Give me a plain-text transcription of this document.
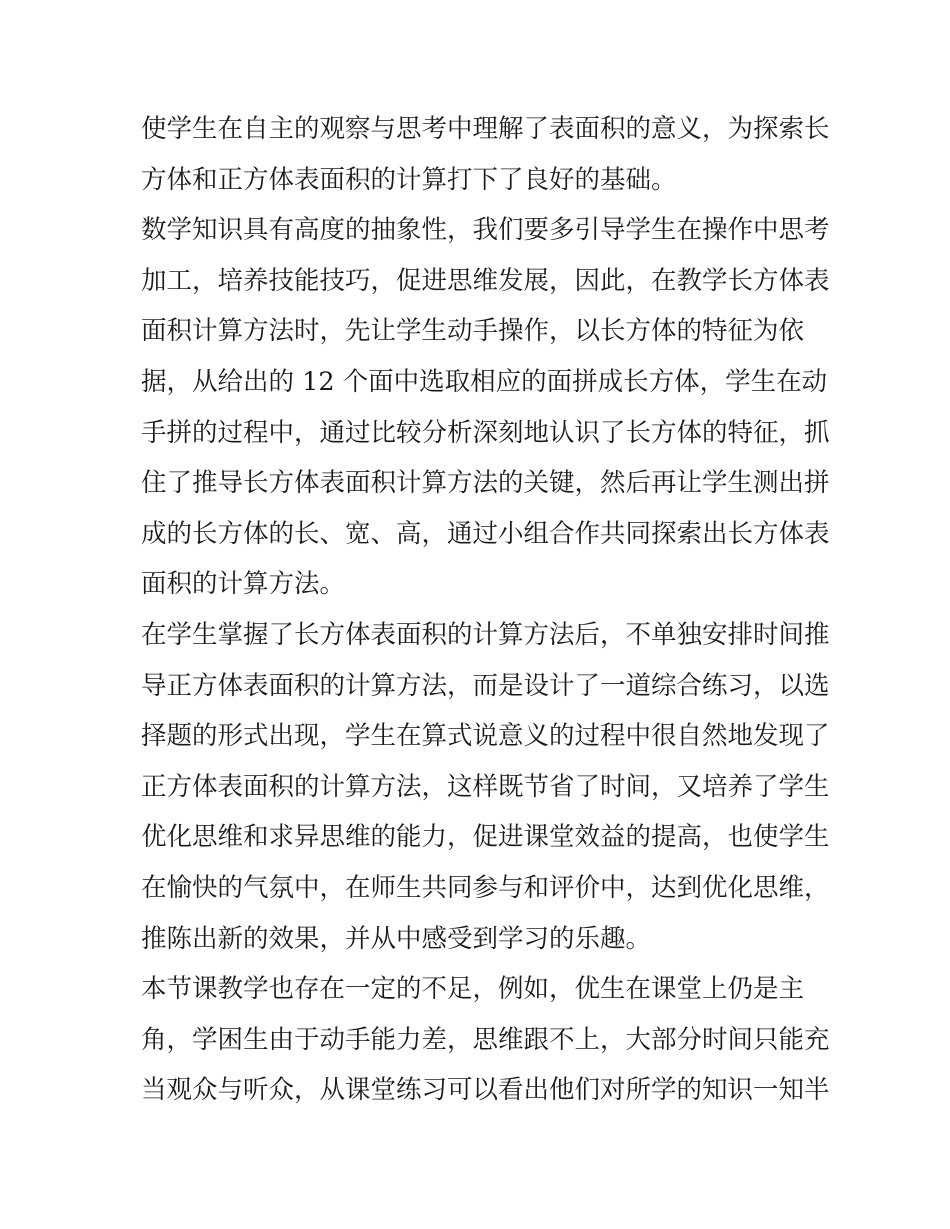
使学生在自主的观察与思考中理解了表面积的意义，为探索长
方体和正方体表面积的计算打下了良好的基础。
数学知识具有高度的抽象性，我们要多引导学生在操作中思考
加工，培养技能技巧，促进思维发展，因此，在教学长方体表
面积计算方法时，先让学生动手操作，以长方体的特征为依
据，从给出的 12 个面中选取相应的面拼成长方体，学生在动
手拼的过程中，通过比较分析深刻地认识了长方体的特征，抓
住了推导长方体表面积计算方法的关键，然后再让学生测出拼
成的长方体的长、宽、高，通过小组合作共同探索出长方体表
面积的计算方法。
在学生掌握了长方体表面积的计算方法后，不单独安排时间推
导正方体表面积的计算方法，而是设计了一道综合练习，以选
择题的形式出现，学生在算式说意义的过程中很自然地发现了
正方体表面积的计算方法，这样既节省了时间，又培养了学生
优化思维和求异思维的能力，促进课堂效益的提高，也使学生
在愉快的气氛中，在师生共同参与和评价中，达到优化思维，
推陈出新的效果，并从中感受到学习的乐趣。
本节课教学也存在一定的不足，例如，优生在课堂上仍是主
角，学困生由于动手能力差，思维跟不上，大部分时间只能充
当观众与听众，从课堂练习可以看出他们对所学的知识一知半
